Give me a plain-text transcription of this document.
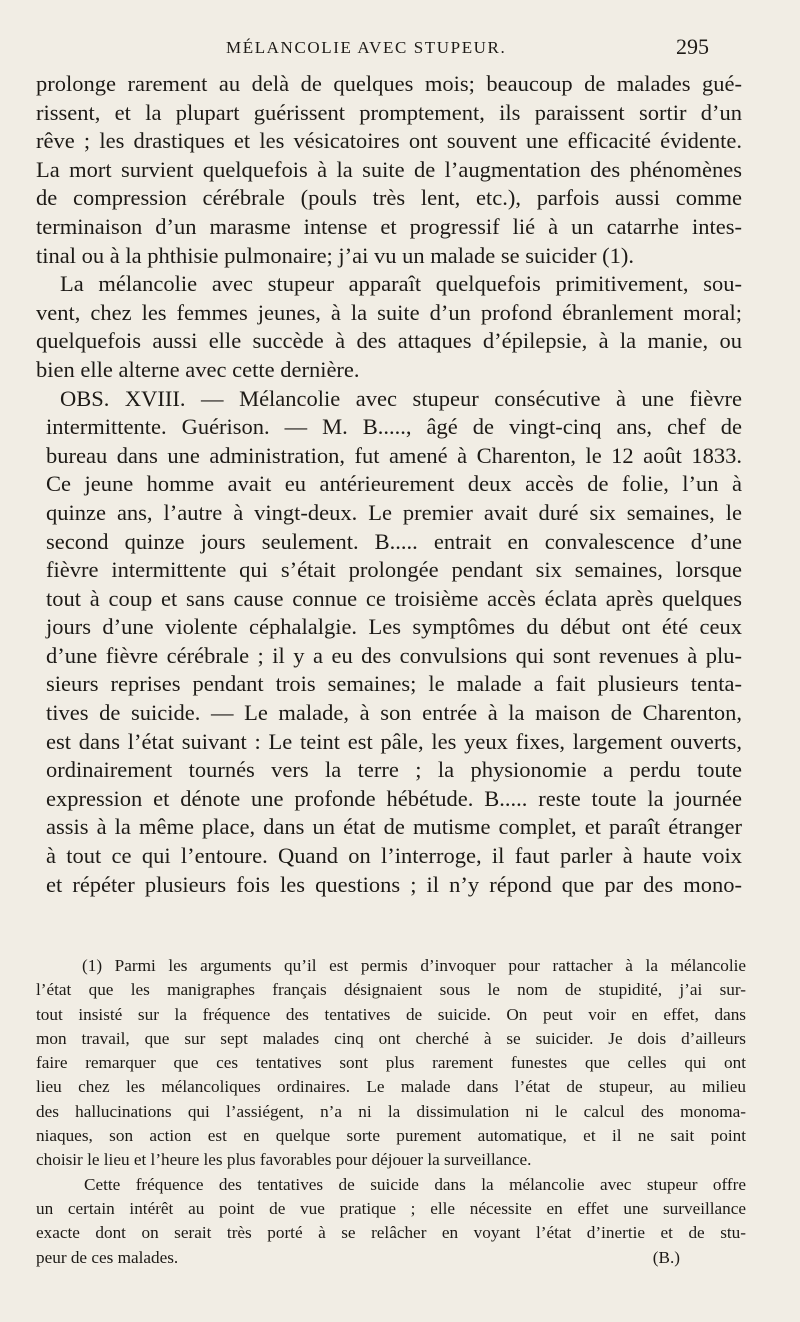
MÉLANCOLIE AVEC STUPEUR.	295
prolonge rarement au delà de quelques mois; beaucoup de malades gué-
rissent, et la plupart guérissent promptement, ils paraissent sortir d’un
rêve ; les drastiques et les vésicatoires ont souvent une efficacité évidente.
La mort survient quelquefois à la suite de l’augmentation des phénomènes
de compression cérébrale (pouls très lent, etc.), parfois aussi comme
terminaison d’un marasme intense et progressif lié à un catarrhe intes-
tinal ou à la phthisie pulmonaire; j’ai vu un malade se suicider (1).
La mélancolie avec stupeur apparaît quelquefois primitivement, sou-
vent, chez les femmes jeunes, à la suite d’un profond ébranlement moral;
quelquefois aussi elle succède à des attaques d’épilepsie, à la manie, ou
bien elle alterne avec cette dernière.
OBS. XVIII. — Mélancolie avec stupeur consécutive à une fièvre
intermittente. Guérison. — M. B....., âgé de vingt-cinq ans, chef de
bureau dans une administration, fut amené à Charenton, le 12 août 1833.
Ce jeune homme avait eu antérieurement deux accès de folie, l’un à
quinze ans, l’autre à vingt-deux. Le premier avait duré six semaines, le
second quinze jours seulement. B..... entrait en convalescence d’une
fièvre intermittente qui s’était prolongée pendant six semaines, lorsque
tout à coup et sans cause connue ce troisième accès éclata après quelques
jours d’une violente céphalalgie. Les symptômes du début ont été ceux
d’une fièvre cérébrale ; il y a eu des convulsions qui sont revenues à plu-
sieurs reprises pendant trois semaines; le malade a fait plusieurs tenta-
tives de suicide. — Le malade, à son entrée à la maison de Charenton,
est dans l’état suivant : Le teint est pâle, les yeux fixes, largement ouverts,
ordinairement tournés vers la terre ; la physionomie a perdu toute
expression et dénote une profonde hébétude. B..... reste toute la journée
assis à la même place, dans un état de mutisme complet, et paraît étranger
à tout ce qui l’entoure. Quand on l’interroge, il faut parler à haute voix
et répéter plusieurs fois les questions ; il n’y répond que par des mono-
(1) Parmi les arguments qu’il est permis d’invoquer pour rattacher à la mélancolie
l’état que les manigraphes français désignaient sous le nom de stupidité, j’ai sur-
tout insisté sur la fréquence des tentatives de suicide. On peut voir en effet, dans
mon travail, que sur sept malades cinq ont cherché à se suicider. Je dois d’ailleurs
faire remarquer que ces tentatives sont plus rarement funestes que celles qui ont
lieu chez les mélancoliques ordinaires. Le malade dans l’état de stupeur, au milieu
des hallucinations qui l’assiégent, n’a ni la dissimulation ni le calcul des monoma-
niaques, son action est en quelque sorte purement automatique, et il ne sait point
choisir le lieu et l’heure les plus favorables pour déjouer la surveillance.
Cette fréquence des tentatives de suicide dans la mélancolie avec stupeur offre
un certain intérêt au point de vue pratique ; elle nécessite en effet une surveillance
exacte dont on serait très porté à se relâcher en voyant l’état d’inertie et de stu-
peur de ces malades.	(B.)
